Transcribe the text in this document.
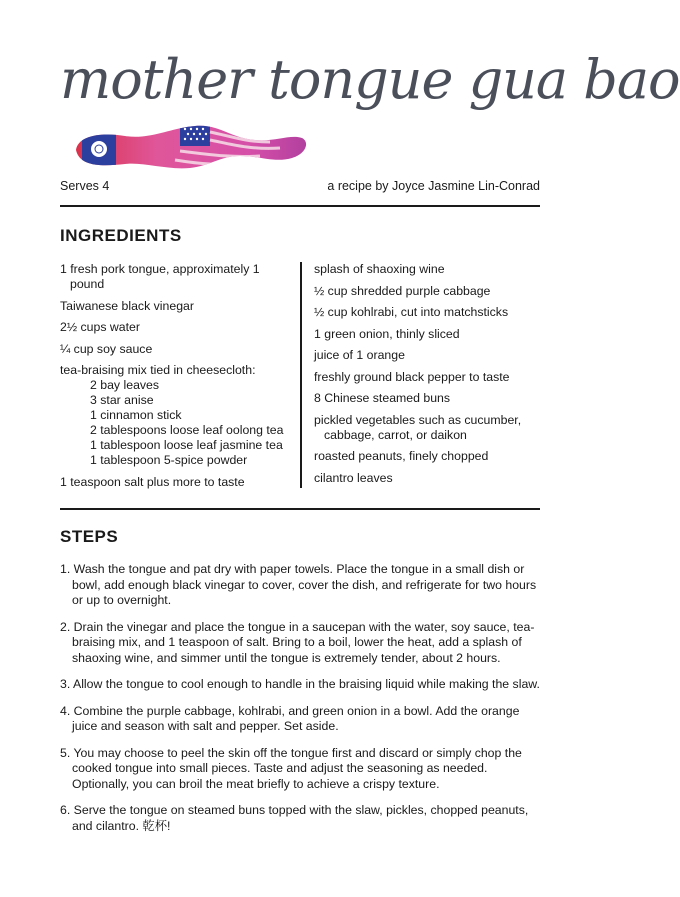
mother tongue gua bao
Serves 4	a recipe by Joyce Jasmine Lin-Conrad
INGREDIENTS
1 fresh pork tongue, approximately 1 pound
Taiwanese black vinegar
2½ cups water
¼ cup soy sauce
tea-braising mix tied in cheesecloth:
2 bay leaves
3 star anise
1 cinnamon stick
2 tablespoons loose leaf oolong tea
1 tablespoon loose leaf jasmine tea
1 tablespoon 5-spice powder
1 teaspoon salt plus more to taste
splash of shaoxing wine
½ cup shredded purple cabbage
½ cup kohlrabi, cut into matchsticks
1 green onion, thinly sliced
juice of 1 orange
freshly ground black pepper to taste
8 Chinese steamed buns
pickled vegetables such as cucumber, cabbage, carrot, or daikon
roasted peanuts, finely chopped
cilantro leaves
STEPS
1. Wash the tongue and pat dry with paper towels. Place the tongue in a small dish or bowl, add enough black vinegar to cover, cover the dish, and refrigerate for two hours or up to overnight.
2. Drain the vinegar and place the tongue in a saucepan with the water, soy sauce, tea-braising mix, and 1 teaspoon of salt. Bring to a boil, lower the heat, add a splash of shaoxing wine, and simmer until the tongue is extremely tender, about 2 hours.
3. Allow the tongue to cool enough to handle in the braising liquid while making the slaw.
4. Combine the purple cabbage, kohlrabi, and green onion in a bowl. Add the orange juice and season with salt and pepper. Set aside.
5. You may choose to peel the skin off the tongue first and discard or simply chop the cooked tongue into small pieces. Taste and adjust the seasoning as needed. Optionally, you can broil the meat briefly to achieve a crispy texture.
6. Serve the tongue on steamed buns topped with the slaw, pickles, chopped peanuts, and cilantro. 乾杯!
